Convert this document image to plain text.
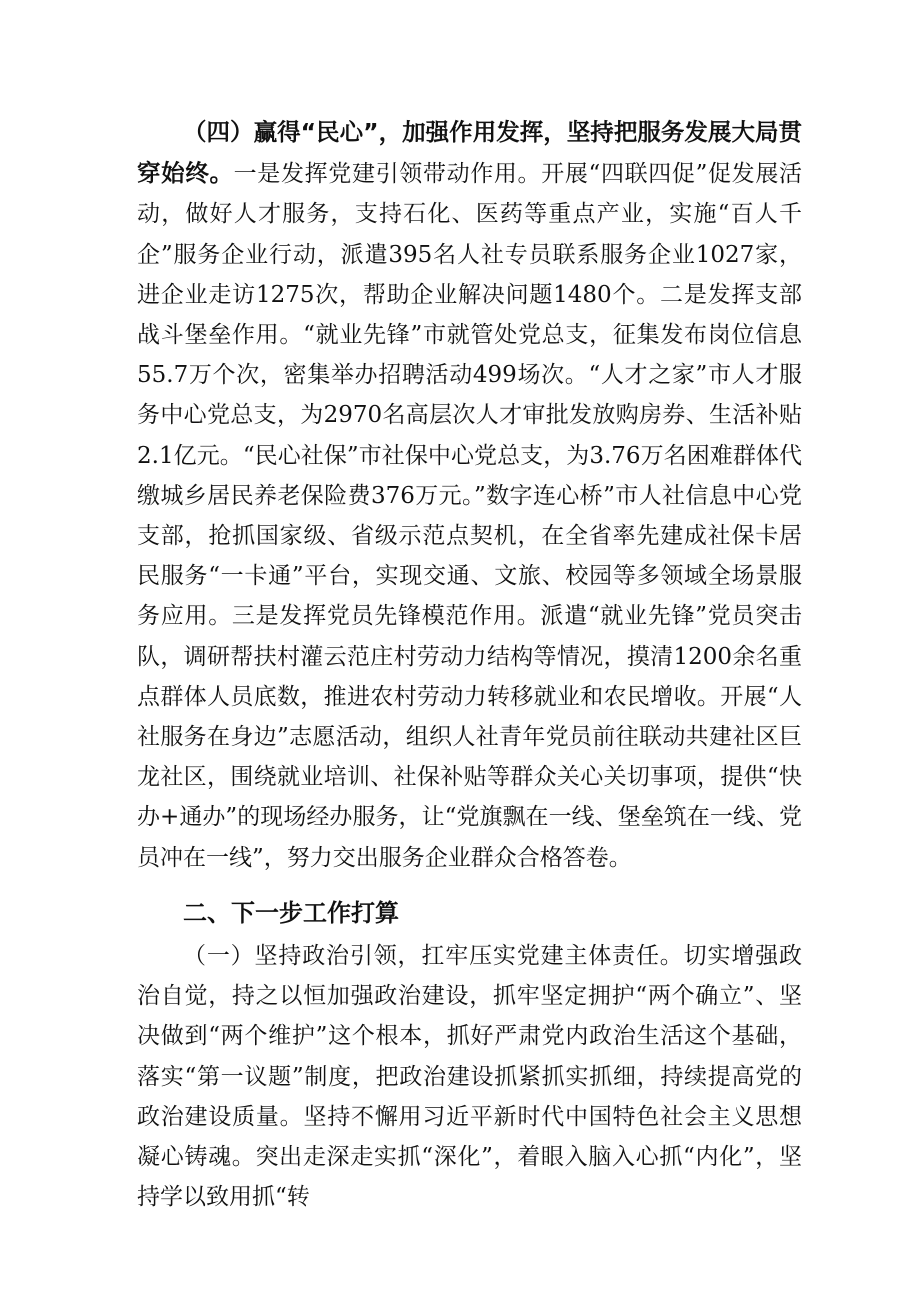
（四）赢得“民心”，加强作用发挥，坚持把服务发展大局贯穿始终。一是发挥党建引领带动作用。开展“四联四促”促发展活动，做好人才服务，支持石化、医药等重点产业，实施“百人千企”服务企业行动，派遣395名人社专员联系服务企业1027家，进企业走访1275次，帮助企业解决问题1480个。二是发挥支部战斗堡垒作用。“就业先锋”市就管处党总支，征集发布岗位信息55.7万个次，密集举办招聘活动499场次。“人才之家”市人才服务中心党总支，为2970名高层次人才审批发放购房券、生活补贴2.1亿元。“民心社保”市社保中心党总支，为3.76万名困难群体代缴城乡居民养老保险费376万元。”数字连心桥”市人社信息中心党支部，抢抓国家级、省级示范点契机，在全省率先建成社保卡居民服务“一卡通”平台，实现交通、文旅、校园等多领域全场景服务应用。三是发挥党员先锋模范作用。派遣“就业先锋”党员突击队，调研帮扶村灌云范庄村劳动力结构等情况，摸清1200余名重点群体人员底数，推进农村劳动力转移就业和农民增收。开展“人社服务在身边”志愿活动，组织人社青年党员前往联动共建社区巨龙社区，围绕就业培训、社保补贴等群众关心关切事项，提供“快办+通办”的现场经办服务，让“党旗飘在一线、堡垒筑在一线、党员冲在一线”，努力交出服务企业群众合格答卷。

二、下一步工作打算

（一）坚持政治引领，扛牢压实党建主体责任。切实增强政治自觉，持之以恒加强政治建设，抓牢坚定拥护“两个确立”、坚决做到“两个维护”这个根本，抓好严肃党内政治生活这个基础，落实“第一议题”制度，把政治建设抓紧抓实抓细，持续提高党的政治建设质量。坚持不懈用习近平新时代中国特色社会主义思想凝心铸魂。突出走深走实抓“深化”，着眼入脑入心抓“内化”，坚持学以致用抓“转
